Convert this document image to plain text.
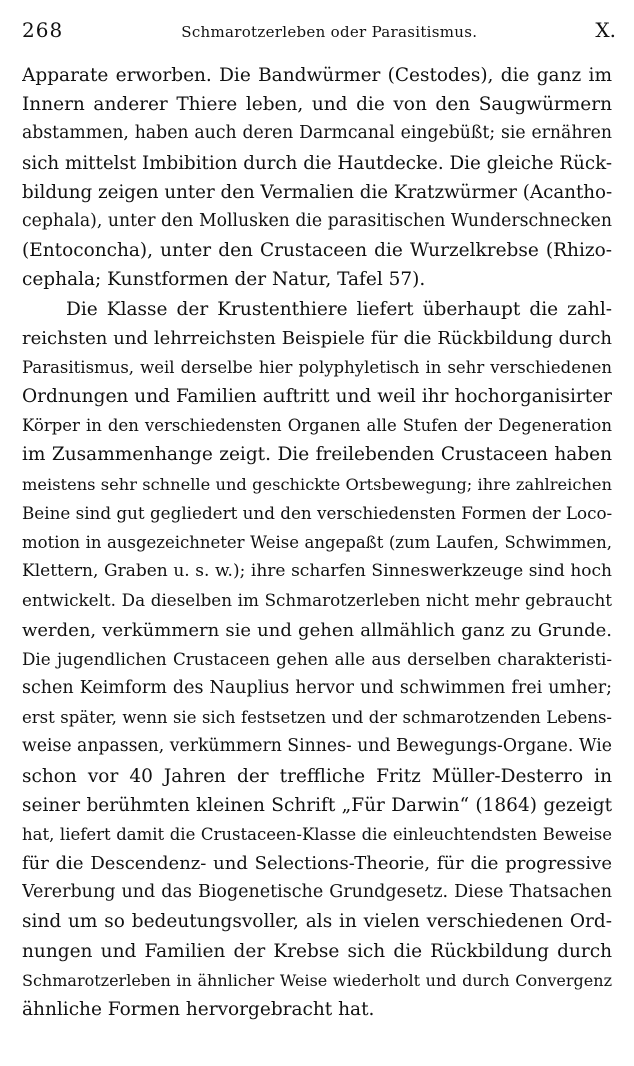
268	Schmarotzerleben oder Parasitismus.	X.
Apparate erworben. Die Bandwürmer (Cestodes), die ganz im
Innern anderer Thiere leben, und die von den Saugwürmern
abstammen, haben auch deren Darmcanal eingebüßt; sie ernähren
sich mittelst Imbibition durch die Hautdecke. Die gleiche Rück-
bildung zeigen unter den Vermalien die Kratzwürmer (Acantho-
cephala), unter den Mollusken die parasitischen Wunderschnecken
(Entoconcha), unter den Crustaceen die Wurzelkrebse (Rhizo-
cephala; Kunstformen der Natur, Tafel 57).
Die Klasse der Krustenthiere liefert überhaupt die zahl-
reichsten und lehrreichsten Beispiele für die Rückbildung durch
Parasitismus, weil derselbe hier polyphyletisch in sehr verschiedenen
Ordnungen und Familien auftritt und weil ihr hochorganisirter
Körper in den verschiedensten Organen alle Stufen der Degeneration
im Zusammenhange zeigt. Die freilebenden Crustaceen haben
meistens sehr schnelle und geschickte Ortsbewegung; ihre zahlreichen
Beine sind gut gegliedert und den verschiedensten Formen der Loco-
motion in ausgezeichneter Weise angepaßt (zum Laufen, Schwimmen,
Klettern, Graben u. s. w.); ihre scharfen Sinneswerkzeuge sind hoch
entwickelt. Da dieselben im Schmarotzerleben nicht mehr gebraucht
werden, verkümmern sie und gehen allmählich ganz zu Grunde.
Die jugendlichen Crustaceen gehen alle aus derselben charakteristi-
schen Keimform des Nauplius hervor und schwimmen frei umher;
erst später, wenn sie sich festsetzen und der schmarotzenden Lebens-
weise anpassen, verkümmern Sinnes- und Bewegungs-Organe. Wie
schon vor 40 Jahren der treffliche Fritz Müller-Desterro in
seiner berühmten kleinen Schrift „Für Darwin“ (1864) gezeigt
hat, liefert damit die Crustaceen-Klasse die einleuchtendsten Beweise
für die Descendenz- und Selections-Theorie, für die progressive
Vererbung und das Biogenetische Grundgesetz. Diese Thatsachen
sind um so bedeutungsvoller, als in vielen verschiedenen Ord-
nungen und Familien der Krebse sich die Rückbildung durch
Schmarotzerleben in ähnlicher Weise wiederholt und durch Convergenz
ähnliche Formen hervorgebracht hat.
